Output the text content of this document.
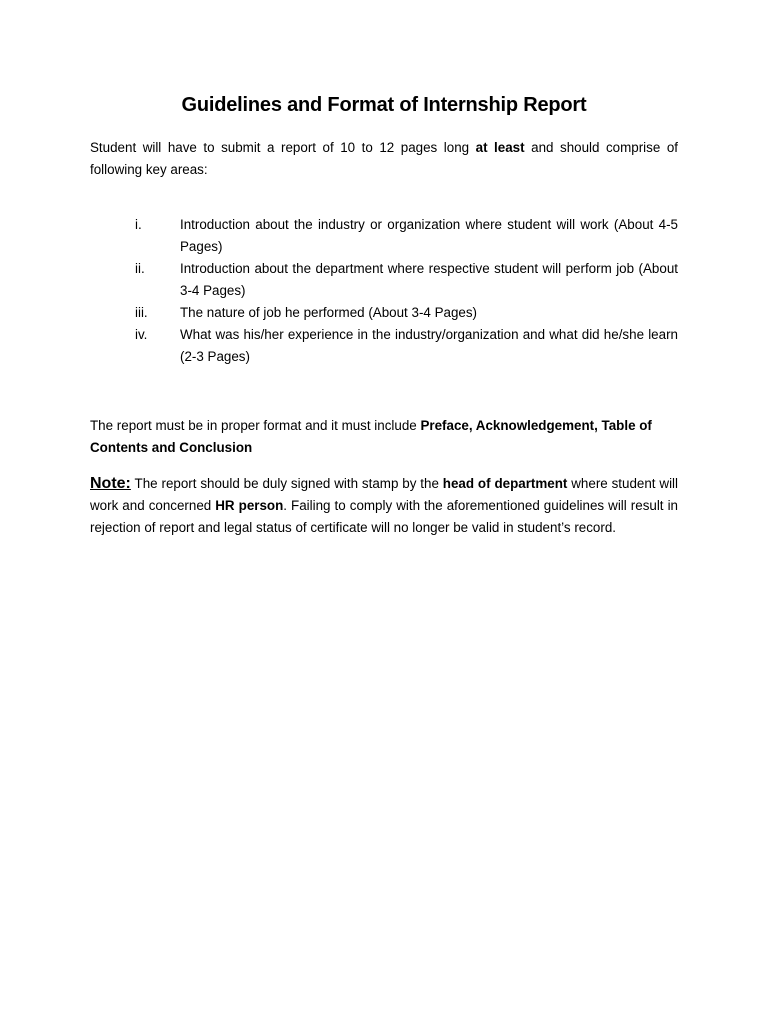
Guidelines and Format of Internship Report
Student will have to submit a report of 10 to 12 pages long at least and should comprise of following key areas:
i.	Introduction about the industry or organization where student will work (About 4-5 Pages)
ii.	Introduction about the department where respective student will perform job (About 3-4 Pages)
iii.	The nature of job he performed (About 3-4 Pages)
iv.	What was his/her experience in the industry/organization and what did he/she learn (2-3 Pages)
The report must be in proper format and it must include Preface, Acknowledgement, Table of Contents and Conclusion
Note: The report should be duly signed with stamp by the head of department where student will work and concerned HR person. Failing to comply with the aforementioned guidelines will result in rejection of report and legal status of certificate will no longer be valid in student’s record.
